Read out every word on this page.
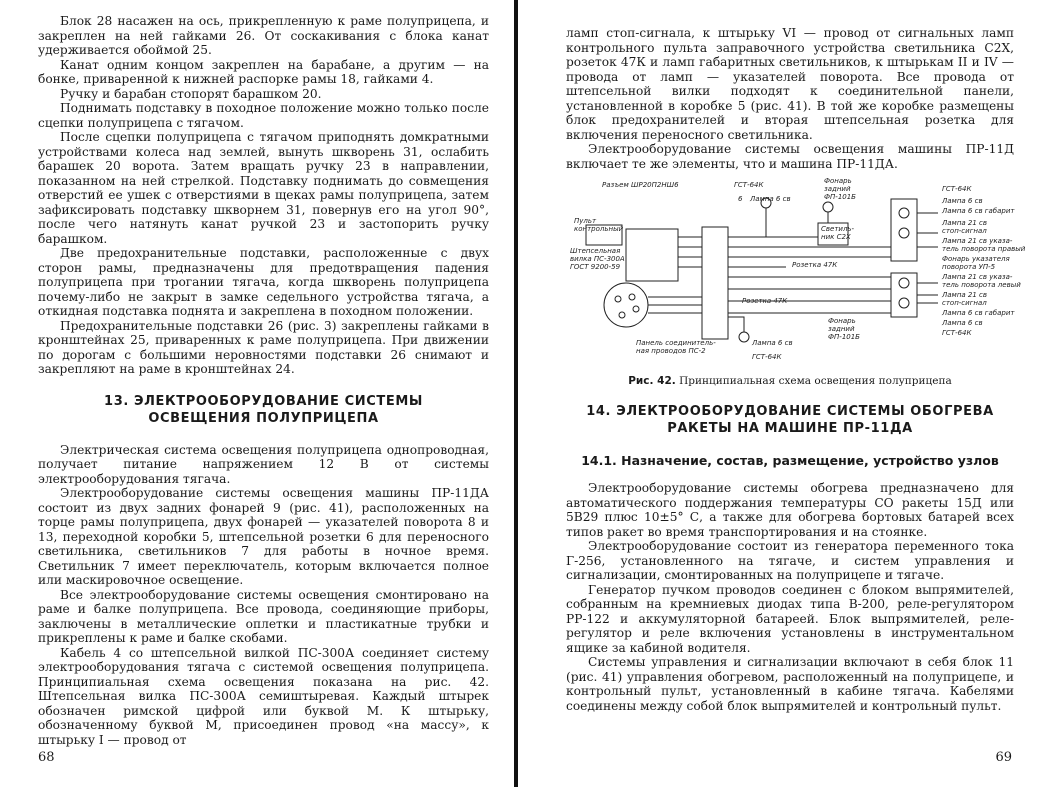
Блок 28 насажен на ось, прикрепленную к раме полуприцепа, и закреплен на ней гайками 26. От соскакивания с блока канат удерживается обоймой 25.

Канат одним концом закреплен на барабане, а другим — на бонке, приваренной к нижней распорке рамы 18, гайками 4.

Ручку и барабан стопорят барашком 20.

Поднимать подставку в походное положение можно только после сцепки полуприцепа с тягачом.

После сцепки полуприцепа с тягачом приподнять домкратными устройствами колеса над землей, вынуть шкворень 31, ослабить барашек 20 ворота. Затем вращать ручку 23 в направлении, показанном на ней стрелкой. Подставку поднимать до совмещения отверстий ее ушек с отверстиями в щеках рамы полуприцепа, затем зафиксировать подставку шкворнем 31, повернув его на угол 90°, после чего натянуть канат ручкой 23 и застопорить ручку барашком.

Две предохранительные подставки, расположенные с двух сторон рамы, предназначены для предотвращения падения полуприцепа при трогании тягача, когда шкворень полуприцепа почему-либо не закрыт в замке седельного устройства тягача, а откидная подставка поднята и закреплена в походном положении.

Предохранительные подставки 26 (рис. 3) закреплены гайками в кронштейнах 25, приваренных к раме полуприцепа. При движении по дорогам с большими неровностями подставки 26 снимают и закрепляют на раме в кронштейнах 24.

13. ЭЛЕКТРООБОРУДОВАНИЕ СИСТЕМЫ
ОСВЕЩЕНИЯ ПОЛУПРИЦЕПА

Электрическая система освещения полуприцепа однопроводная, получает питание напряжением 12 В от системы электрооборудования тягача.

Электрооборудование системы освещения машины ПР-11ДА состоит из двух задних фонарей 9 (рис. 41), расположенных на торце рамы полуприцепа, двух фонарей — указателей поворота 8 и 13, переходной коробки 5, штепсельной розетки 6 для переносного светильника, светильников 7 для работы в ночное время. Светильник 7 имеет переключатель, которым включается полное или маскировочное освещение.

Все электрооборудование системы освещения смонтировано на раме и балке полуприцепа. Все провода, соединяющие приборы, заключены в металлические оплетки и пластикатные трубки и прикреплены к раме и балке скобами.

Кабель 4 со штепсельной вилкой ПС-300А соединяет систему электрооборудования тягача с системой освещения полуприцепа. Принципиальная схема освещения показана на рис. 42. Штепсельная вилка ПС-300А семиштыревая. Каждый штырек обозначен римской цифрой или буквой М. К штырьку, обозначенному буквой М, присоединен провод «на массу», к штырьку I — провод от

68

ламп стоп-сигнала, к штырьку VI — провод от сигнальных ламп контрольного пульта заправочного устройства светильника С2Х, розеток 47К и ламп габаритных светильников, к штырькам II и IV — провода от ламп — указателей поворота. Все провода от штепсельной вилки подходят к соединительной панели, установленной в коробке 5 (рис. 41). В той же коробке размещены блок предохранителей и вторая штепсельная розетка для включения переносного светильника.

Электрооборудование системы освещения машины ПР-11Д включает те же элементы, что и машина ПР-11ДА.

Разъем ШР20П2НШ6	ГСТ-64К
6 Лампа 6 св
Фонарь
задний
ФП-101Б
Пульт
контрольный	Светиль-
ник С2Х
Штепсельная
вилка ПС-300А
ГОСТ 9200-59	Розетка 47К
Розетка 47К
Фонарь
задний
ФП-101Б
Панель соединитель-
ная проводов ПС-2
Лампа 6 св
ГСТ-64К
ГСТ-64К
Лампа 6 св
Лампа 6 св габарит
Лампа 21 св
стоп-сигнал
Лампа 21 св указа-
тель поворота правый
Фонарь указателя
поворота УП-5
Лампа 21 св указа-
тель поворота левый
Лампа 21 св
стоп-сигнал
Лампа 6 св габарит
Лампа 6 св
ГСТ-64К
Рис. 42. Принципиальная схема освещения полуприцепа
14. ЭЛЕКТРООБОРУДОВАНИЕ СИСТЕМЫ ОБОГРЕВА
РАКЕТЫ НА МАШИНЕ ПР-11ДА
14.1. Назначение, состав, размещение, устройство узлов

Электрооборудование системы обогрева предназначено для автоматического поддержания температуры СО ракеты 15Д или 5В29 плюс 10±5° С, а также для обогрева бортовых батарей всех типов ракет во время транспортирования и на стоянке.

Электрооборудование состоит из генератора переменного тока Г-256, установленного на тягаче, и систем управления и сигнализации, смонтированных на полуприцепе и тягаче.

Генератор пучком проводов соединен с блоком выпрямителей, собранным на кремниевых диодах типа В-200, реле-регулятором РР-122 и аккумуляторной батареей. Блок выпрямителей, реле-регулятор и реле включения установлены в инструментальном ящике за кабиной водителя.

Системы управления и сигнализации включают в себя блок 11 (рис. 41) управления обогревом, расположенный на полуприцепе, и контрольный пульт, установленный в кабине тягача. Кабелями соединены между собой блок выпрямителей и контрольный пульт.

69
